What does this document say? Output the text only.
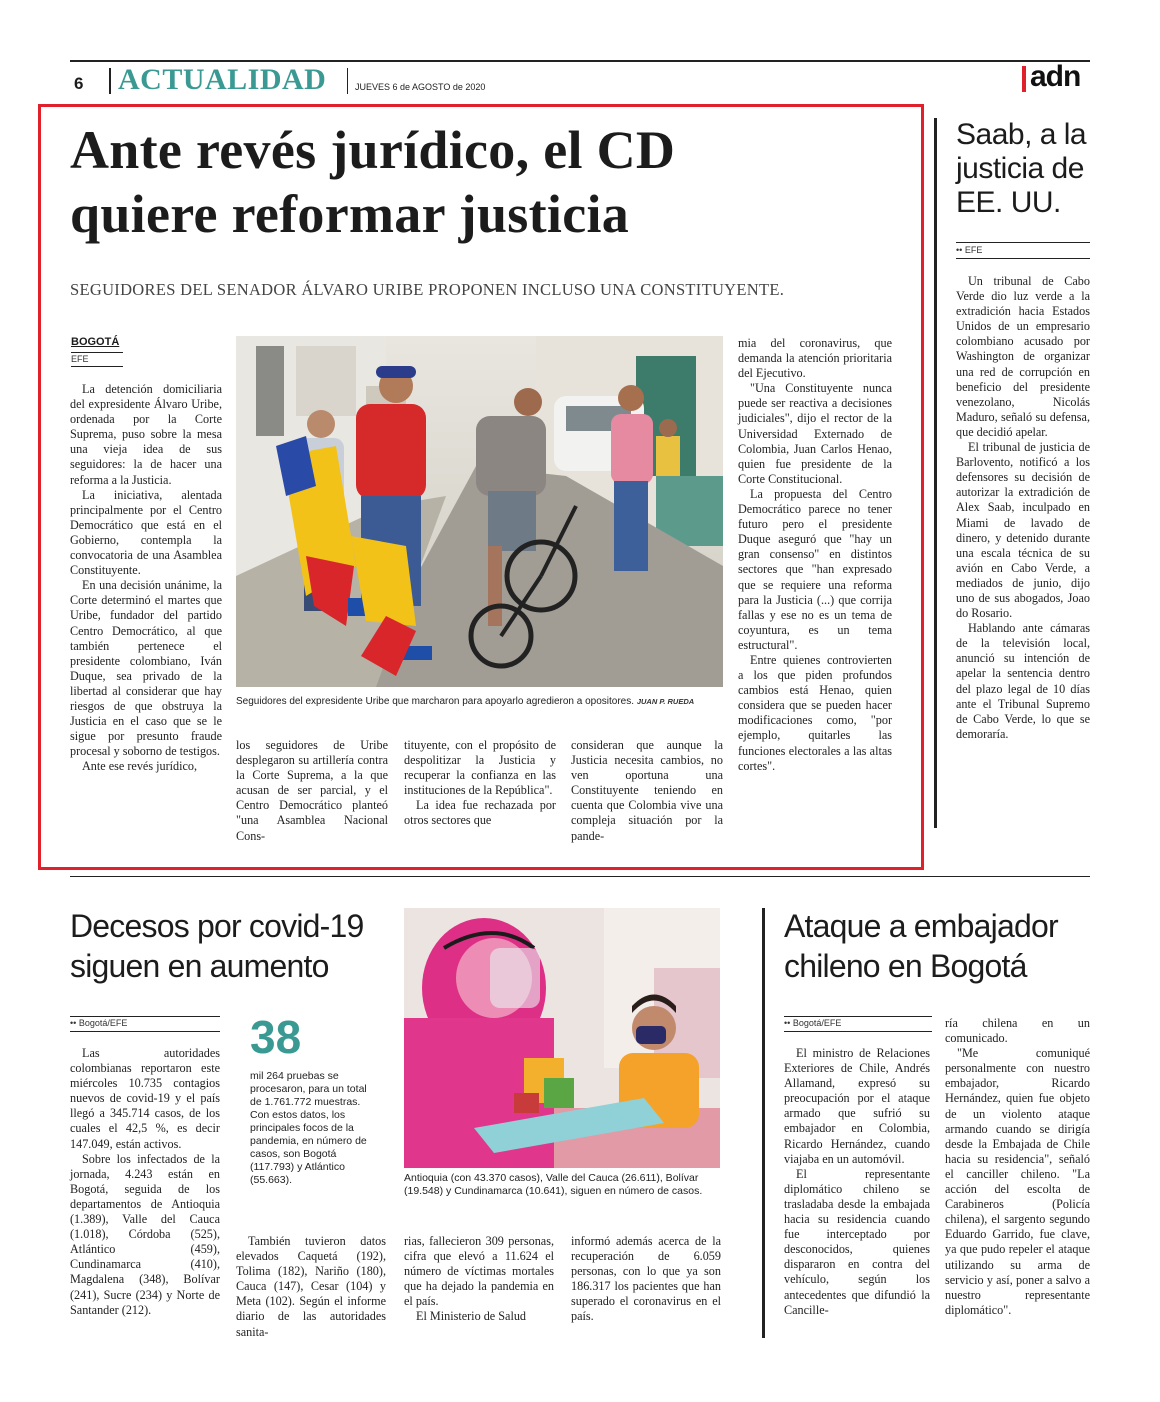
6 ACTUALIDAD	JUEVES 6 de AGOSTO de 2020	adn
Ante revés jurídico, el CD
quiere reformar justicia
SEGUIDORES DEL SENADOR ÁLVARO URIBE PROPONEN INCLUSO UNA CONSTITUYENTE.
BOGOTÁ
EFE

La detención domiciliaria del expresidente Álvaro Uribe, ordenada por la Corte Suprema, puso sobre la mesa una vieja idea de sus seguidores: la de hacer una reforma a la Justicia.

La iniciativa, alentada principalmente por el Centro Democrático que está en el Gobierno, contempla la convocatoria de una Asamblea Constituyente.

En una decisión unánime, la Corte determinó el martes que Uribe, fundador del partido Centro Democrático, al que también pertenece el presidente colombiano, Iván Duque, sea privado de la libertad al considerar que hay riesgos de que obstruya la Justicia en el caso que se le sigue por presunto fraude procesal y soborno de testigos.

Ante ese revés jurídico,

Seguidores del expresidente Uribe que marcharon para apoyarlo agredieron a opositores. JUAN P. RUEDA

los seguidores de Uribe desplegaron su artillería contra la Corte Suprema, a la que acusan de ser parcial, y el Centro Democrático planteó "una Asamblea Nacional Cons-

tituyente, con el propósito de despolitizar la Justicia y recuperar la confianza en las instituciones de la República".

La idea fue rechazada por otros sectores que

consideran que aunque la Justicia necesita cambios, no ven oportuna una Constituyente teniendo en cuenta que Colombia vive una compleja situación por la pande-

mia del coronavirus, que demanda la atención prioritaria del Ejecutivo.

"Una Constituyente nunca puede ser reactiva a decisiones judiciales", dijo el rector de la Universidad Externado de Colombia, Juan Carlos Henao, quien fue presidente de la Corte Constitucional.

La propuesta del Centro Democrático parece no tener futuro pero el presidente Duque aseguró que "hay un gran consenso" en distintos sectores que "han expresado que se requiere una reforma para la Justicia (...) que corrija fallas y ese no es un tema de coyuntura, es un tema estructural".

Entre quienes controvierten a los que piden profundos cambios está Henao, quien considera que se pueden hacer modificaciones como, "por ejemplo, quitarles las funciones electorales a las altas cortes".

Saab, a la justicia de EE. UU.
•• EFE

Un tribunal de Cabo Verde dio luz verde a la extradición hacia Estados Unidos de un empresario colombiano acusado por Washington de organizar una red de corrupción en beneficio del presidente venezolano, Nicolás Maduro, señaló su defensa, que decidió apelar.

El tribunal de justicia de Barlovento, notificó a los defensores su decisión de autorizar la extradición de Alex Saab, inculpado en Miami de lavado de dinero, y detenido durante una escala técnica de su avión en Cabo Verde, a mediados de junio, dijo uno de sus abogados, Joao do Rosario.

Hablando ante cámaras de la televisión local, anunció su intención de apelar la sentencia dentro del plazo legal de 10 días ante el Tribunal Supremo de Cabo Verde, lo que se demoraría.

Decesos por covid-19
siguen en aumento
•• Bogotá/EFE

Las autoridades colombianas reportaron este miércoles 10.735 contagios nuevos de covid-19 y el país llegó a 345.714 casos, de los cuales el 42,5 %, es decir 147.049, están activos.

Sobre los infectados de la jornada, 4.243 están en Bogotá, seguida de los departamentos de Antioquia (1.389), Valle del Cauca (1.018), Córdoba (525), Atlántico (459), Cundinamarca (410), Magdalena (348), Bolívar (241), Sucre (234) y Norte de Santander (212).

38
mil 264 pruebas se procesaron, para un total de 1.761.772 muestras. Con estos datos, los principales focos de la pandemia, en número de casos, son Bogotá (117.793) y Atlántico (55.663).	Antioquia (con 43.370 casos), Valle del Cauca (26.611), Bolívar (19.548) y Cundinamarca (10.641), siguen en número de casos.

También tuvieron datos elevados Caquetá (192), Tolima (182), Nariño (180), Cauca (147), Cesar (104) y Meta (102). Según el informe diario de las autoridades sanita-

rias, fallecieron 309 personas, cifra que elevó a 11.624 el número de víctimas mortales que ha dejado la pandemia en el país.

El Ministerio de Salud

informó además acerca de la recuperación de 6.059 personas, con lo que ya son 186.317 los pacientes que han superado el coronavirus en el país.

Ataque a embajador
chileno en Bogotá
•• Bogotá/EFE

El ministro de Relaciones Exteriores de Chile, Andrés Allamand, expresó su preocupación por el ataque armado que sufrió su embajador en Colombia, Ricardo Hernández, cuando viajaba en un automóvil.

El representante diplomático chileno se trasladaba desde la embajada hacia su residencia cuando fue interceptado por desconocidos, quienes dispararon en contra del vehículo, según los antecedentes que difundió la Cancille-

ría chilena en un comunicado.

"Me comuniqué personalmente con nuestro embajador, Ricardo Hernández, quien fue objeto de un violento ataque armando cuando se dirigía desde la Embajada de Chile hacia su residencia", señaló el canciller chileno. "La acción del escolta de Carabineros (Policía chilena), el sargento segundo Eduardo Garrido, fue clave, ya que pudo repeler el ataque utilizando su arma de servicio y así, poner a salvo a nuestro representante diplomático".
